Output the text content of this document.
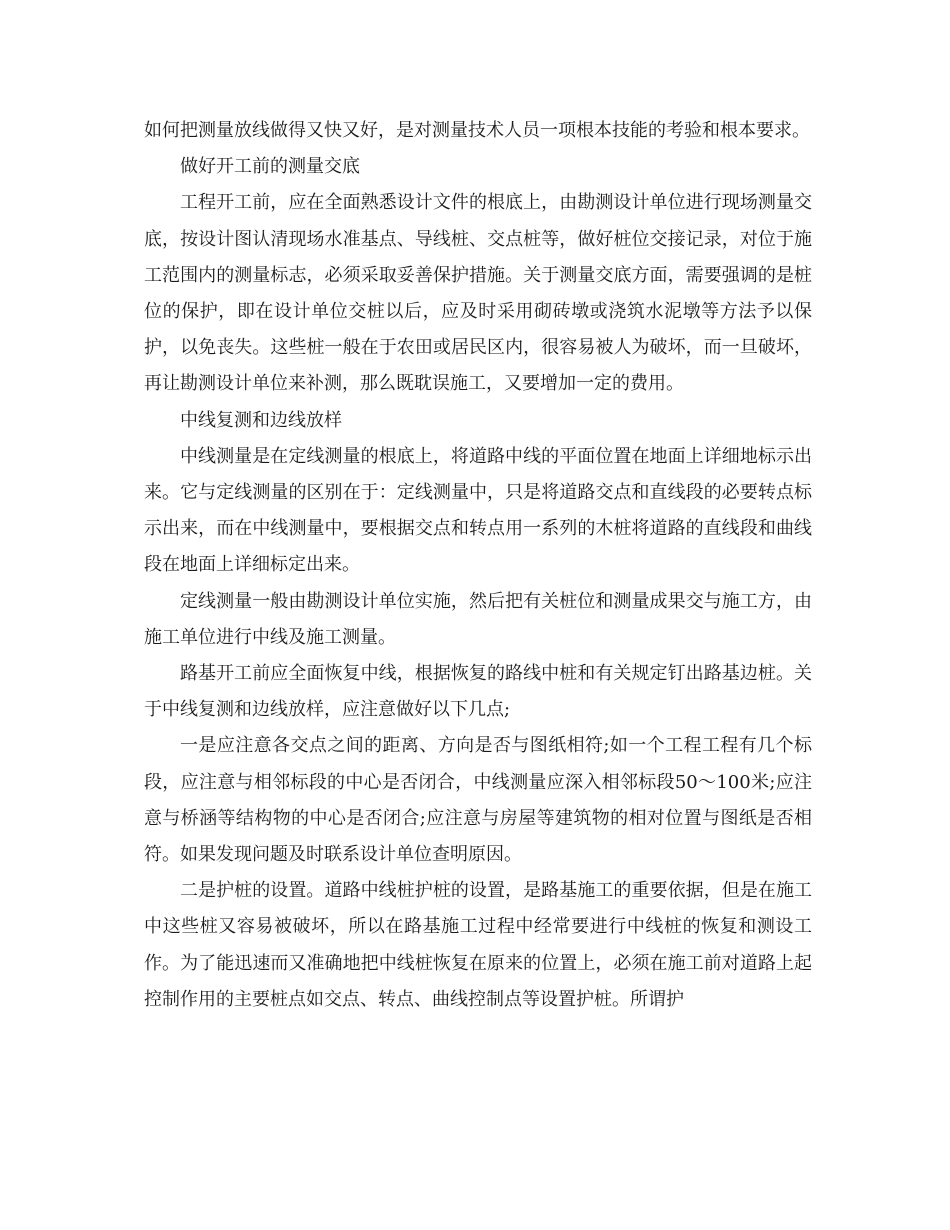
如何把测量放线做得又快又好，是对测量技术人员一项根本技能的考验和根本要求。

做好开工前的测量交底

工程开工前，应在全面熟悉设计文件的根底上，由勘测设计单位进行现场测量交底，按设计图认清现场水准基点、导线桩、交点桩等，做好桩位交接记录，对位于施工范围内的测量标志，必须采取妥善保护措施。关于测量交底方面，需要强调的是桩位的保护，即在设计单位交桩以后，应及时采用砌砖墩或浇筑水泥墩等方法予以保护，以免丧失。这些桩一般在于农田或居民区内，很容易被人为破坏，而一旦破坏，再让勘测设计单位来补测，那么既耽误施工，又要增加一定的费用。

中线复测和边线放样

中线测量是在定线测量的根底上，将道路中线的平面位置在地面上详细地标示出来。它与定线测量的区别在于：定线测量中，只是将道路交点和直线段的必要转点标示出来，而在中线测量中，要根据交点和转点用一系列的木桩将道路的直线段和曲线段在地面上详细标定出来。

定线测量一般由勘测设计单位实施，然后把有关桩位和测量成果交与施工方，由施工单位进行中线及施工测量。

路基开工前应全面恢复中线，根据恢复的路线中桩和有关规定钉出路基边桩。关于中线复测和边线放样，应注意做好以下几点;

一是应注意各交点之间的距离、方向是否与图纸相符;如一个工程工程有几个标段，应注意与相邻标段的中心是否闭合，中线测量应深入相邻标段50～100米;应注意与桥涵等结构物的中心是否闭合;应注意与房屋等建筑物的相对位置与图纸是否相符。如果发现问题及时联系设计单位查明原因。

二是护桩的设置。道路中线桩护桩的设置，是路基施工的重要依据，但是在施工中这些桩又容易被破坏，所以在路基施工过程中经常要进行中线桩的恢复和测设工作。为了能迅速而又准确地把中线桩恢复在原来的位置上，必须在施工前对道路上起控制作用的主要桩点如交点、转点、曲线控制点等设置护桩。所谓护
